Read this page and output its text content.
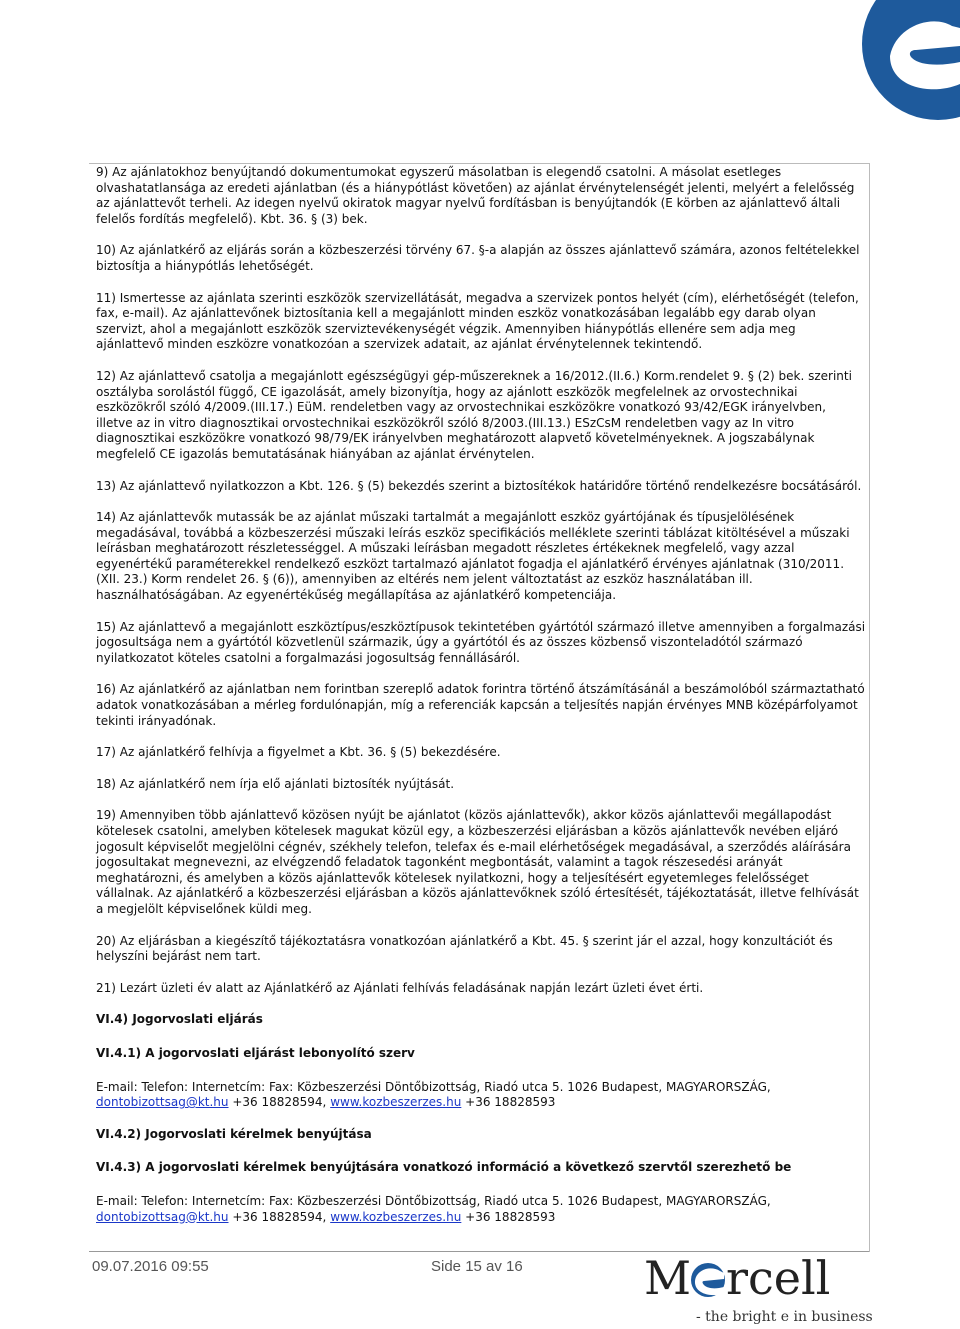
9) Az ajánlatokhoz benyújtandó dokumentumokat egyszerű másolatban is elegendő csatolni. A másolat esetleges olvashatatlansága az eredeti ajánlatban (és a hiánypótlást követően) az ajánlat érvénytelenségét jelenti, melyért a felelősség az ajánlattevőt terheli. Az idegen nyelvű okiratok magyar nyelvű fordításban is benyújtandók (E körben az ajánlattevő általi felelős fordítás megfelelő). Kbt. 36. § (3) bek.

10) Az ajánlatkérő az eljárás során a közbeszerzési törvény 67. §-a alapján az összes ajánlattevő számára, azonos feltételekkel biztosítja a hiánypótlás lehetőségét.

11) Ismertesse az ajánlata szerinti eszközök szervizellátását, megadva a szervizek pontos helyét (cím), elérhetőségét (telefon, fax, e-mail). Az ajánlattevőnek biztosítania kell a megajánlott minden eszköz vonatkozásában legalább egy darab olyan szervizt, ahol a megajánlott eszközök szerviztevékenységét végzik. Amennyiben hiánypótlás ellenére sem adja meg ajánlattevő minden eszközre vonatkozóan a szervizek adatait, az ajánlat érvénytelennek tekintendő.

12) Az ajánlattevő csatolja a megajánlott egészségügyi gép-műszereknek a 16/2012.(II.6.) Korm.rendelet 9. § (2) bek. szerinti osztályba sorolástól függő, CE igazolását, amely bizonyítja, hogy az ajánlott eszközök megfelelnek az orvostechnikai eszközökről szóló 4/2009.(III.17.) EüM. rendeletben vagy az orvostechnikai eszközökre vonatkozó 93/42/EGK irányelvben, illetve az in vitro diagnosztikai orvostechnikai eszközökről szóló 8/2003.(III.13.) ESzCsM rendeletben vagy az In vitro diagnosztikai eszközökre vonatkozó 98/79/EK irányelvben meghatározott alapvető követelményeknek. A jogszabálynak megfelelő CE igazolás bemutatásának hiányában az ajánlat érvénytelen.

13) Az ajánlattevő nyilatkozzon a Kbt. 126. § (5) bekezdés szerint a biztosítékok határidőre történő rendelkezésre bocsátásáról.

14) Az ajánlattevők mutassák be az ajánlat műszaki tartalmát a megajánlott eszköz gyártójának és típusjelölésének megadásával, továbbá a közbeszerzési műszaki leírás eszköz specifikációs melléklete szerinti táblázat kitöltésével a műszaki leírásban meghatározott részletességgel. A műszaki leírásban megadott részletes értékeknek megfelelő, vagy azzal egyenértékű paraméterekkel rendelkező eszközt tartalmazó ajánlatot fogadja el ajánlatkérő érvényes ajánlatnak (310/2011. (XII. 23.) Korm rendelet 26. § (6)), amennyiben az eltérés nem jelent változtatást az eszköz használatában ill. használhatóságában. Az egyenértékűség megállapítása az ajánlatkérő kompetenciája.

15) Az ajánlattevő a megajánlott eszköztípus/eszköztípusok tekintetében gyártótól származó illetve amennyiben a forgalmazási jogosultsága nem a gyártótól közvetlenül származik, úgy a gyártótól és az összes közbenső viszonteladótól származó nyilatkozatot köteles csatolni a forgalmazási jogosultság fennállásáról.

16) Az ajánlatkérő az ajánlatban nem forintban szereplő adatok forintra történő átszámításánál a beszámolóból származtatható adatok vonatkozásában a mérleg fordulónapján, míg a referenciák kapcsán a teljesítés napján érvényes MNB középárfolyamot tekinti irányadónak.

17) Az ajánlatkérő felhívja a figyelmet a Kbt. 36. § (5) bekezdésére.

18) Az ajánlatkérő nem írja elő ajánlati biztosíték nyújtását.

19) Amennyiben több ajánlattevő közösen nyújt be ajánlatot (közös ajánlattevők), akkor közös ajánlattevői megállapodást kötelesek csatolni, amelyben kötelesek magukat közül egy, a közbeszerzési eljárásban a közös ajánlattevők nevében eljáró jogosult képviselőt megjelölni cégnév, székhely telefon, telefax és e-mail elérhetőségek megadásával, a szerződés aláírására jogosultakat megnevezni, az elvégzendő feladatok tagonként megbontását, valamint a tagok részesedési arányát meghatározni, és amelyben a közös ajánlattevők kötelesek nyilatkozni, hogy a teljesítésért egyetemleges felelősséget vállalnak. Az ajánlatkérő a közbeszerzési eljárásban a közös ajánlattevőknek szóló értesítését, tájékoztatását, illetve felhívását a megjelölt képviselőnek küldi meg.

20) Az eljárásban a kiegészítő tájékoztatásra vonatkozóan ajánlatkérő a Kbt. 45. § szerint jár el azzal, hogy konzultációt és helyszíni bejárást nem tart.

21) Lezárt üzleti év alatt az Ajánlatkérő az Ajánlati felhívás feladásának napján lezárt üzleti évet érti.

VI.4) Jogorvoslati eljárás

VI.4.1) A jogorvoslati eljárást lebonyolító szerv

E-mail: Telefon: Internetcím: Fax: Közbeszerzési Döntőbizottság, Riadó utca 5. 1026 Budapest, MAGYARORSZÁG,
dontobizottsag@kt.hu +36 18828594, www.kozbeszerzes.hu +36 18828593

VI.4.2) Jogorvoslati kérelmek benyújtása

VI.4.3) A jogorvoslati kérelmek benyújtására vonatkozó információ a következő szervtől szerezhető be

E-mail: Telefon: Internetcím: Fax: Közbeszerzési Döntőbizottság, Riadó utca 5. 1026 Budapest, MAGYARORSZÁG,
dontobizottsag@kt.hu +36 18828594, www.kozbeszerzes.hu +36 18828593

09.07.2016 09:55	Side 15 av 16	M rcell
- the bright e in business
